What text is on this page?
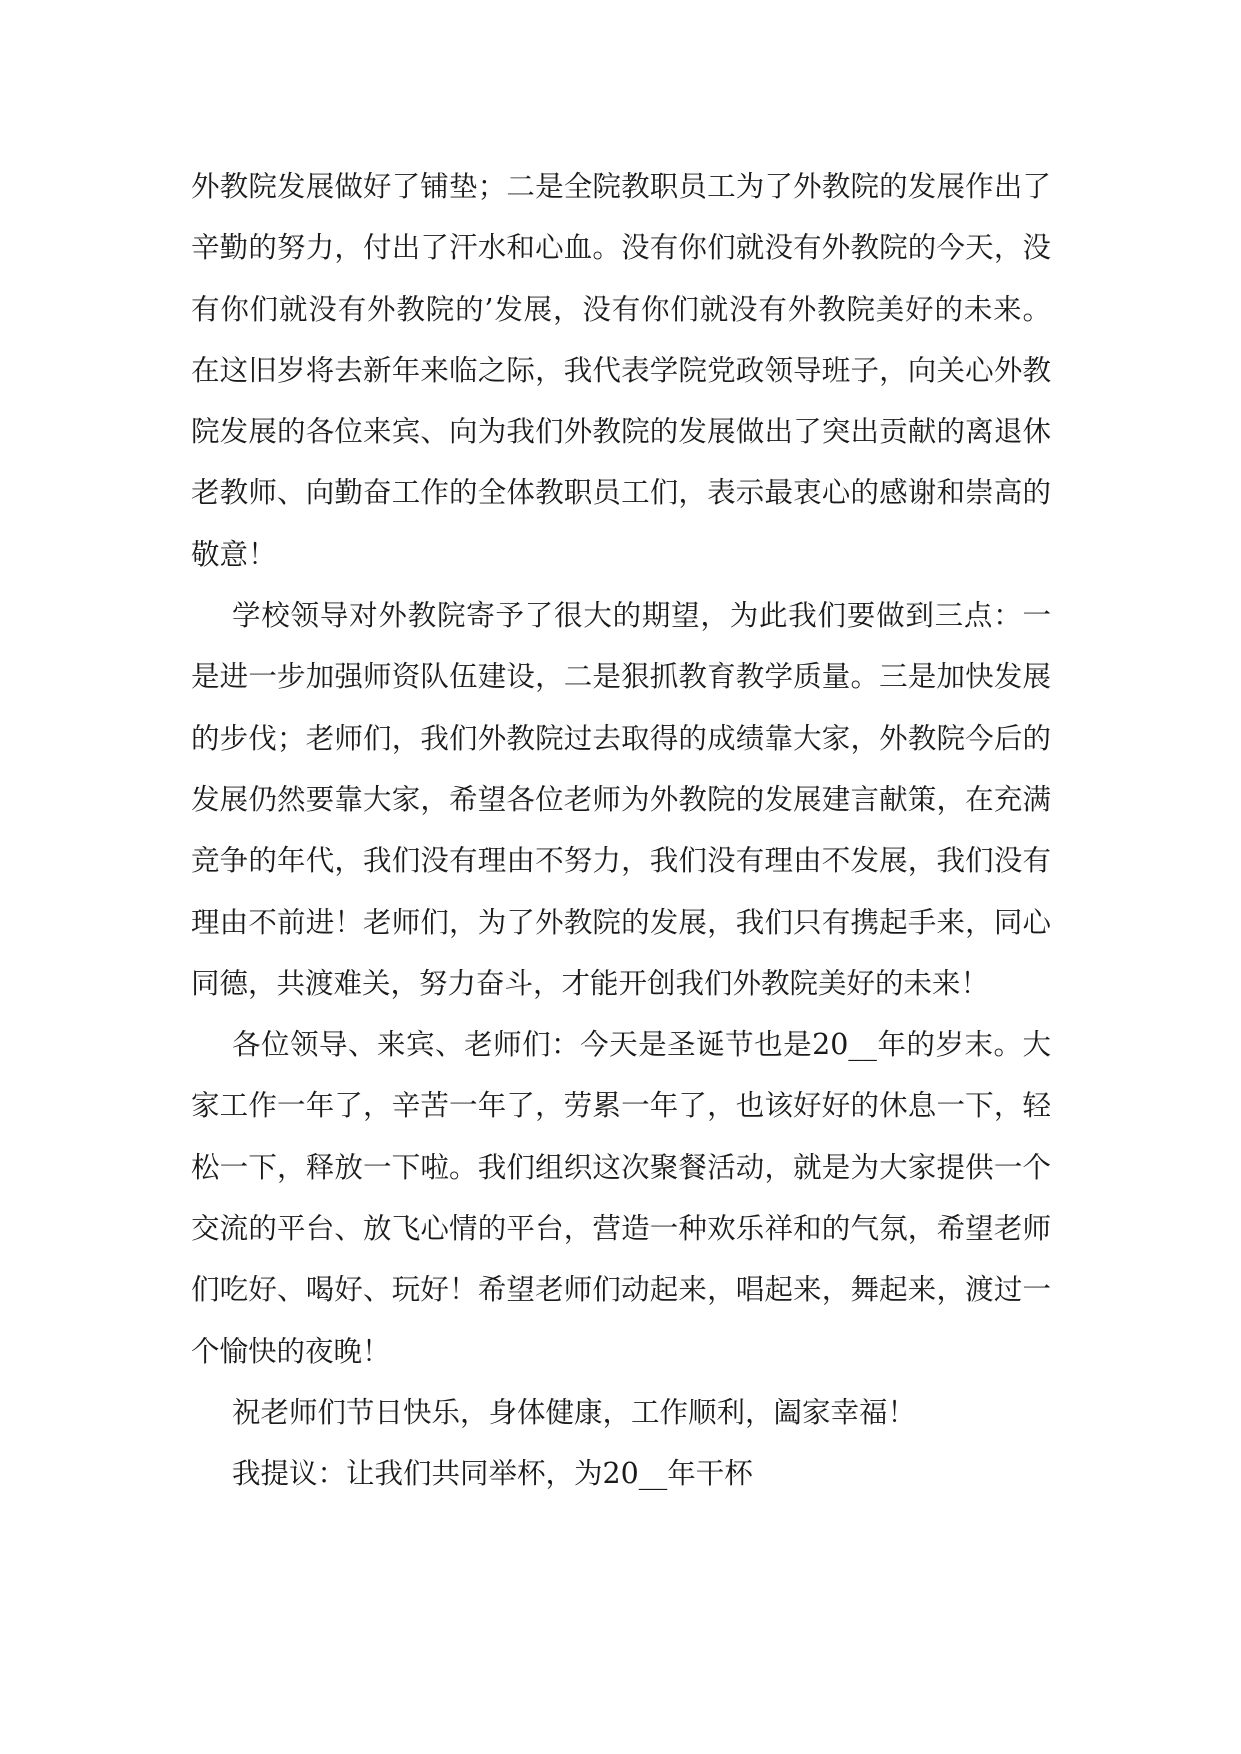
外教院发展做好了铺垫；二是全院教职员工为了外教院的发展作出了
辛勤的努力，付出了汗水和心血。没有你们就没有外教院的今天，没
有你们就没有外教院的’发展，没有你们就没有外教院美好的未来。
在这旧岁将去新年来临之际，我代表学院党政领导班子，向关心外教
院发展的各位来宾、向为我们外教院的发展做出了突出贡献的离退休
老教师、向勤奋工作的全体教职员工们，表示最衷心的感谢和崇高的
敬意！
学校领导对外教院寄予了很大的期望，为此我们要做到三点：一
是进一步加强师资队伍建设，二是狠抓教育教学质量。三是加快发展
的步伐；老师们，我们外教院过去取得的成绩靠大家，外教院今后的
发展仍然要靠大家，希望各位老师为外教院的发展建言献策，在充满
竞争的年代，我们没有理由不努力，我们没有理由不发展，我们没有
理由不前进！老师们，为了外教院的发展，我们只有携起手来，同心
同德，共渡难关，努力奋斗，才能开创我们外教院美好的未来！
各位领导、来宾、老师们：今天是圣诞节也是20__年的岁末。大
家工作一年了，辛苦一年了，劳累一年了，也该好好的休息一下，轻
松一下，释放一下啦。我们组织这次聚餐活动，就是为大家提供一个
交流的平台、放飞心情的平台，营造一种欢乐祥和的气氛，希望老师
们吃好、喝好、玩好！希望老师们动起来，唱起来，舞起来，渡过一
个愉快的夜晚！
祝老师们节日快乐，身体健康，工作顺利，阖家幸福！
我提议：让我们共同举杯，为20__年干杯
